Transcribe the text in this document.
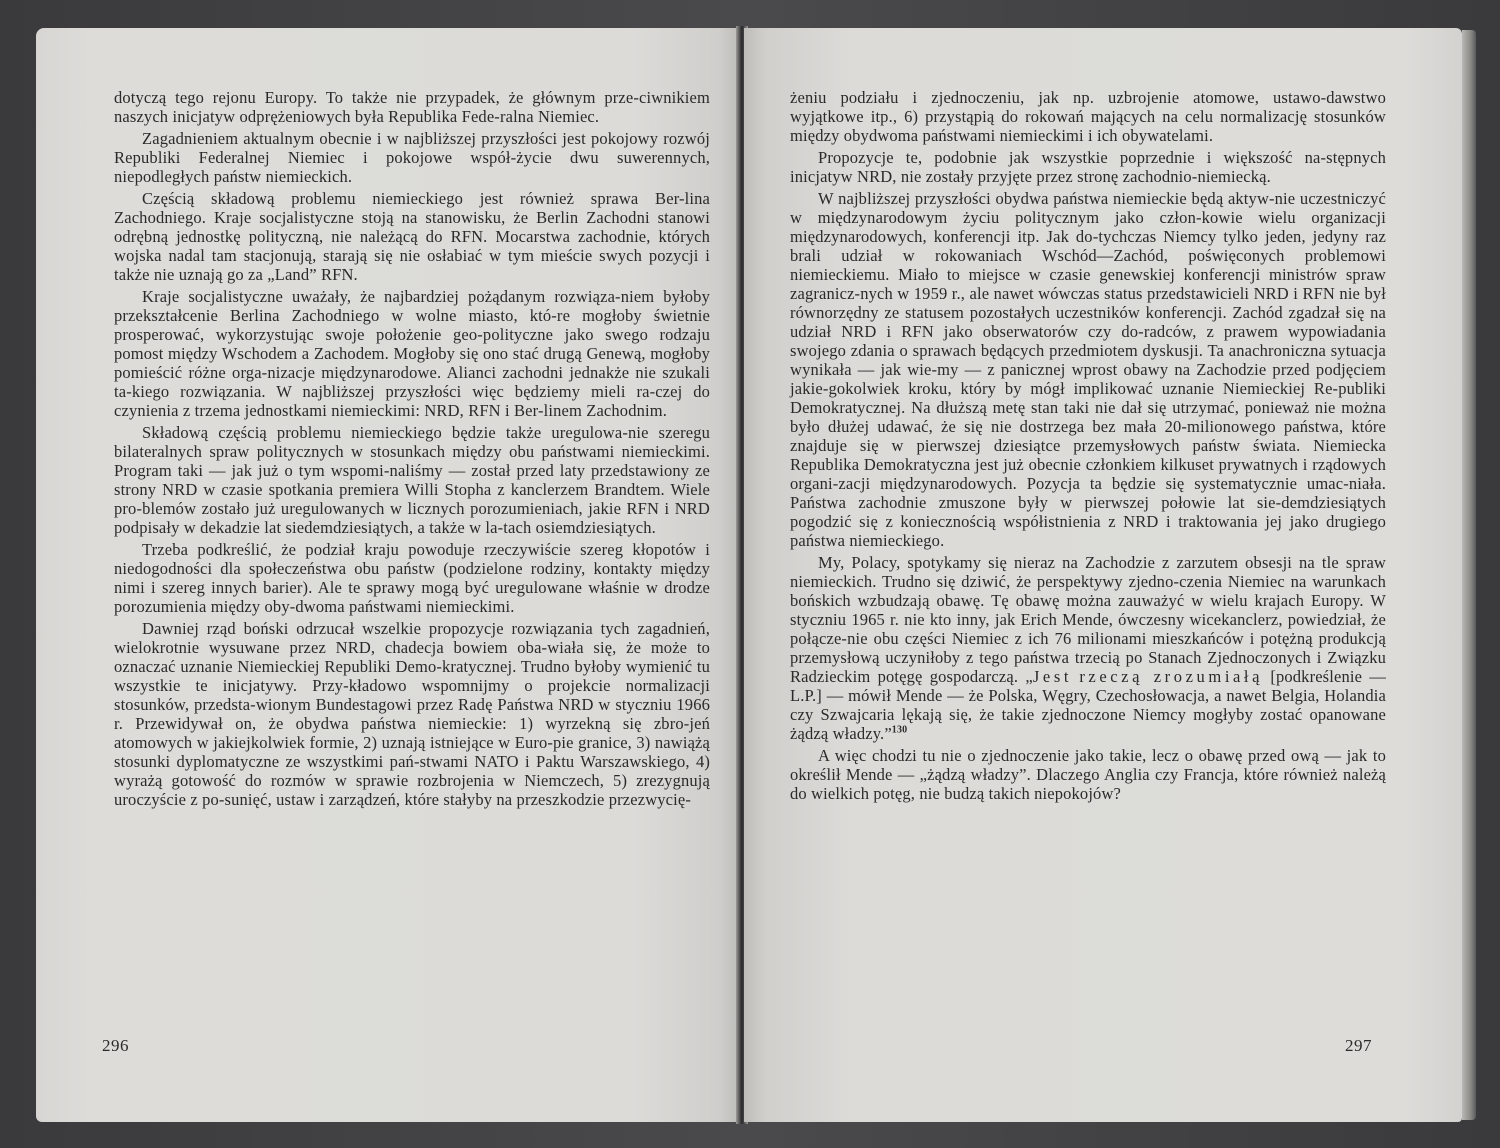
dotyczą tego rejonu Europy. To także nie przypadek, że głównym prze-ciwnikiem naszych inicjatyw odprężeniowych była Republika Fede-ralna Niemiec.

Zagadnieniem aktualnym obecnie i w najbliższej przyszłości jest pokojowy rozwój Republiki Federalnej Niemiec i pokojowe współ-życie dwu suwerennych, niepodległych państw niemieckich.

Częścią składową problemu niemieckiego jest również sprawa Ber-lina Zachodniego. Kraje socjalistyczne stoją na stanowisku, że Berlin Zachodni stanowi odrębną jednostkę polityczną, nie należącą do RFN. Mocarstwa zachodnie, których wojska nadal tam stacjonują, starają się nie osłabiać w tym mieście swych pozycji i także nie uznają go za „Land” RFN.

Kraje socjalistyczne uważały, że najbardziej pożądanym rozwiąza-niem byłoby przekształcenie Berlina Zachodniego w wolne miasto, któ-re mogłoby świetnie prosperować, wykorzystując swoje położenie geo-polityczne jako swego rodzaju pomost między Wschodem a Zachodem. Mogłoby się ono stać drugą Genewą, mogłoby pomieścić różne orga-nizacje międzynarodowe. Alianci zachodni jednakże nie szukali ta-kiego rozwiązania. W najbliższej przyszłości więc będziemy mieli ra-czej do czynienia z trzema jednostkami niemieckimi: NRD, RFN i Ber-linem Zachodnim.

Składową częścią problemu niemieckiego będzie także uregulowa-nie szeregu bilateralnych spraw politycznych w stosunkach między obu państwami niemieckimi. Program taki — jak już o tym wspomi-naliśmy — został przed laty przedstawiony ze strony NRD w czasie spotkania premiera Willi Stopha z kanclerzem Brandtem. Wiele pro-blemów zostało już uregulowanych w licznych porozumieniach, jakie RFN i NRD podpisały w dekadzie lat siedemdziesiątych, a także w la-tach osiemdziesiątych.

Trzeba podkreślić, że podział kraju powoduje rzeczywiście szereg kłopotów i niedogodności dla społeczeństwa obu państw (podzielone rodziny, kontakty między nimi i szereg innych barier). Ale te sprawy mogą być uregulowane właśnie w drodze porozumienia między oby-dwoma państwami niemieckimi.

Dawniej rząd boński odrzucał wszelkie propozycje rozwiązania tych zagadnień, wielokrotnie wysuwane przez NRD, chadecja bowiem oba-wiała się, że może to oznaczać uznanie Niemieckiej Republiki Demo-kratycznej. Trudno byłoby wymienić tu wszystkie te inicjatywy. Przy-kładowo wspomnijmy o projekcie normalizacji stosunków, przedsta-wionym Bundestagowi przez Radę Państwa NRD w styczniu 1966 r. Przewidywał on, że obydwa państwa niemieckie: 1) wyrzekną się zbro-jeń atomowych w jakiejkolwiek formie, 2) uznają istniejące w Euro-pie granice, 3) nawiążą stosunki dyplomatyczne ze wszystkimi pań-stwami NATO i Paktu Warszawskiego, 4) wyrażą gotowość do rozmów w sprawie rozbrojenia w Niemczech, 5) zrezygnują uroczyście z po-sunięć, ustaw i zarządzeń, które stałyby na przeszkodzie przezwycię-

296

żeniu podziału i zjednoczeniu, jak np. uzbrojenie atomowe, ustawo-dawstwo wyjątkowe itp., 6) przystąpią do rokowań mających na celu normalizację stosunków między obydwoma państwami niemieckimi i ich obywatelami.

Propozycje te, podobnie jak wszystkie poprzednie i większość na-stępnych inicjatyw NRD, nie zostały przyjęte przez stronę zachodnio-niemiecką.

W najbliższej przyszłości obydwa państwa niemieckie będą aktyw-nie uczestniczyć w międzynarodowym życiu politycznym jako człon-kowie wielu organizacji międzynarodowych, konferencji itp. Jak do-tychczas Niemcy tylko jeden, jedyny raz brali udział w rokowaniach Wschód—Zachód, poświęconych problemowi niemieckiemu. Miało to miejsce w czasie genewskiej konferencji ministrów spraw zagranicz-nych w 1959 r., ale nawet wówczas status przedstawicieli NRD i RFN nie był równorzędny ze statusem pozostałych uczestników konferencji. Zachód zgadzał się na udział NRD i RFN jako obserwatorów czy do-radców, z prawem wypowiadania swojego zdania o sprawach będących przedmiotem dyskusji. Ta anachroniczna sytuacja wynikała — jak wie-my — z panicznej wprost obawy na Zachodzie przed podjęciem jakie-gokolwiek kroku, który by mógł implikować uznanie Niemieckiej Re-publiki Demokratycznej. Na dłuższą metę stan taki nie dał się utrzymać, ponieważ nie można było dłużej udawać, że się nie dostrzega bez mała 20-milionowego państwa, które znajduje się w pierwszej dziesiątce przemysłowych państw świata. Niemiecka Republika Demokratyczna jest już obecnie członkiem kilkuset prywatnych i rządowych organi-zacji międzynarodowych. Pozycja ta będzie się systematycznie umac-niała. Państwa zachodnie zmuszone były w pierwszej połowie lat sie-demdziesiątych pogodzić się z koniecznością współistnienia z NRD i traktowania jej jako drugiego państwa niemieckiego.

My, Polacy, spotykamy się nieraz na Zachodzie z zarzutem obsesji na tle spraw niemieckich. Trudno się dziwić, że perspektywy zjedno-czenia Niemiec na warunkach bońskich wzbudzają obawę. Tę obawę można zauważyć w wielu krajach Europy. W styczniu 1965 r. nie kto inny, jak Erich Mende, ówczesny wicekanclerz, powiedział, że połącze-nie obu części Niemiec z ich 76 milionami mieszkańców i potężną produkcją przemysłową uczyniłoby z tego państwa trzecią po Stanach Zjednoczonych i Związku Radzieckim potęgę gospodarczą. „Jest rzeczą zrozumiałą [podkreślenie — L.P.] — mówił Mende — że Polska, Węgry, Czechosłowacja, a nawet Belgia, Holandia czy Szwajcaria lękają się, że takie zjednoczone Niemcy mogłyby zostać opanowane żądzą władzy.”$^{130}$

A więc chodzi tu nie o zjednoczenie jako takie, lecz o obawę przed ową — jak to określił Mende — „żądzą władzy”. Dlaczego Anglia czy Francja, które również należą do wielkich potęg, nie budzą takich niepokojów?

297
